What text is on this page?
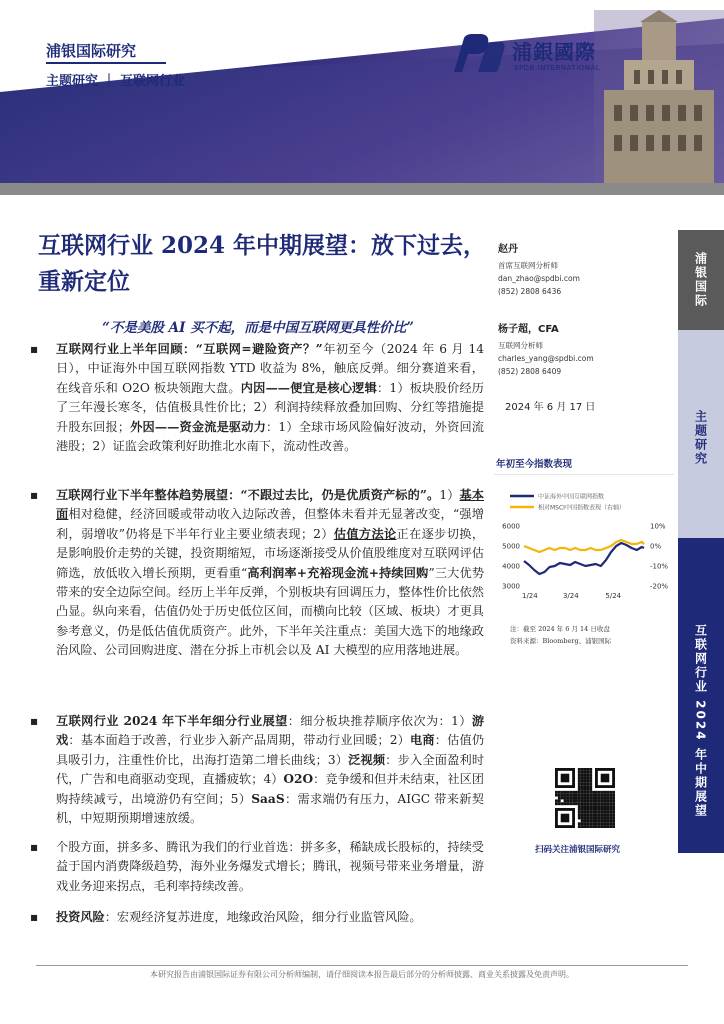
浦银国际研究
主题研究 ｜ 互联网行业
浦銀國際
SPDB INTERNATIONAL
互联网行业 2024 年中期展望：放下过去，重新定位
“不是美股 AI 买不起，而是中国互联网更具性价比”
▪	互联网行业上半年回顾：“互联网=避险资产？”年初至今（2024 年 6 月 14 日），中证海外中国互联网指数 YTD 收益为 8%，触底反弹。细分赛道来看，在线音乐和 O2O 板块领跑大盘。内因——便宜是核心逻辑：1）板块股价经历了三年漫长寒冬，估值极具性价比；2）利润持续释放叠加回购、分红等措施提升股东回报；外因——资金流是驱动力：1）全球市场风险偏好波动，外资回流港股；2）证监会政策利好助推北水南下，流动性改善。

▪	互联网行业下半年整体趋势展望：“不跟过去比，仍是优质资产标的”。1）基本面相对稳健，经济回暖或带动收入边际改善，但整体未看并无显著改变，“强增利，弱增收”仍将是下半年行业主要业绩表现；2）估值方法论正在逐步切换，是影响股价走势的关键，投资期缩短，市场逐渐接受从价值股维度对互联网评估筛选，放低收入增长预期，更看重“高利润率+充裕现金流+持续回购”三大优势带来的安全边际空间。经历上半年反弹，个别板块有回调压力，整体性价比依然凸显。纵向来看，估值仍处于历史低位区间，而横向比较（区域、板块）才更具参考意义，仍是低估值优质资产。此外，下半年关注重点：美国大选下的地缘政治风险、公司回购进度、潜在分拆上市机会以及 AI 大模型的应用落地进展。

▪	互联网行业 2024 年下半年细分行业展望：细分板块推荐顺序依次为：1）游戏：基本面趋于改善，行业步入新产品周期，带动行业回暖；2）电商：估值仍具吸引力，注重性价比，出海打造第二增长曲线；3）泛视频：步入全面盈利时代，广告和电商驱动变现，直播疲软；4）O2O：竞争缓和但并未结束，社区团购持续减亏，出境游仍有空间；5）SaaS：需求端仍有压力，AIGC 带来新契机，中短期预期增速放缓。

▪	个股方面，拼多多、腾讯为我们的行业首选：拼多多，稀缺成长股标的，持续受益于国内消费降级趋势，海外业务爆发式增长；腾讯，视频号带来业务增量，游戏业务迎来拐点，毛利率持续改善。

▪	投资风险：宏观经济复苏进度，地缘政治风险，细分行业监管风险。

赵丹
首席互联网分析师
dan_zhao@spdbi.com
(852) 2808 6436
杨子超，CFA
互联网分析师
charles_yang@spdbi.com
(852) 2808 6409
2024 年 6 月 17 日
年初至今指数表现
中证海外中国互联网指数
相对MSCI中国指数表现（右轴）
6000
5000
4000
3000
10%
0%
-10%
-20%
1/24	3/24	5/24
注：截至 2024 年 6 月 14 日收盘
资料来源：Bloomberg、浦银国际
扫码关注浦银国际研究
浦银国际
主题研究
互联网行业 2024 年中期展望
本研究报告由浦银国际证券有限公司分析师编制，请仔细阅读本报告最后部分的分析师披露、商业关系披露及免责声明。
